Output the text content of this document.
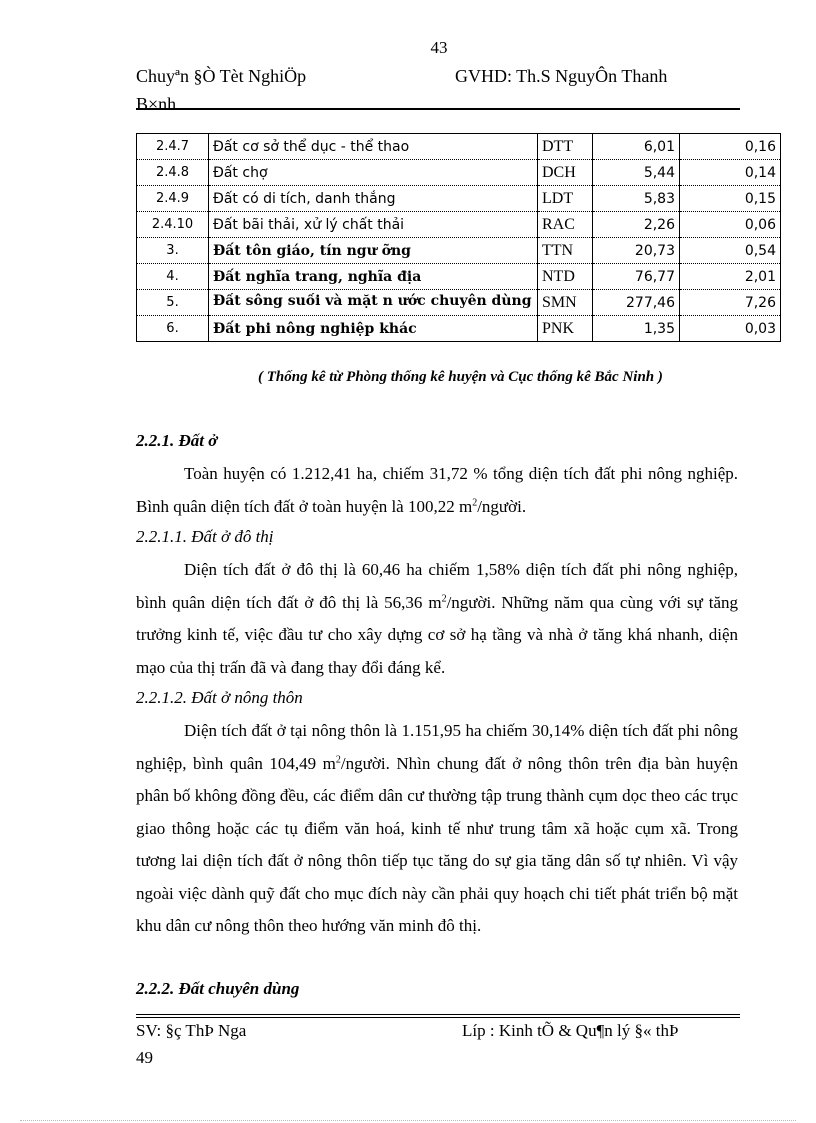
43
Chuyªn §Ò Tèt NghiÖp
B×nh
GVHD: Th.S NguyÔn Thanh
2.4.7	Đất cơ sở thể dục - thể thao	DTT	6,01	0,16
2.4.8	Đất chợ	DCH	5,44	0,14
2.4.9	Đất có di tích, danh thắng	LDT	5,83	0,15
2.4.10	Đất bãi thải, xử lý chất thải	RAC	2,26	0,06
3.	Đất tôn giáo, tín ngư ỡng	TTN	20,73	0,54
4.	Đất nghĩa trang, nghĩa địa	NTD	76,77	2,01
5.	Đất sông suối và mặt n ước chuyên dùng	SMN	277,46	7,26
6.	Đất phi nông nghiệp khác	PNK	1,35	0,03
( Thống kê từ Phòng thống kê huyện và Cục thống kê Bắc Ninh )
2.2.1. Đất ở

Toàn huyện có 1.212,41 ha, chiếm 31,72 % tổng diện tích đất phi nông nghiệp. Bình quân diện tích đất ở toàn huyện là 100,22 $m^2$/người.

2.2.1.1. Đất ở đô thị

Diện tích đất ở đô thị là 60,46 ha chiếm 1,58% diện tích đất phi nông nghiệp, bình quân diện tích đất ở đô thị là 56,36 $m^2$/người. Những năm qua cùng với sự tăng trưởng kinh tế, việc đầu tư cho xây dựng cơ sở hạ tầng và nhà ở tăng khá nhanh, diện mạo của thị trấn đã và đang thay đổi đáng kể.

2.2.1.2. Đất ở nông thôn

Diện tích đất ở tại nông thôn là 1.151,95 ha chiếm 30,14% diện tích đất phi nông nghiệp, bình quân 104,49 $m^2$/người. Nhìn chung đất ở nông thôn trên địa bàn huyện phân bố không đồng đều, các điểm dân cư thường tập trung thành cụm dọc theo các trục giao thông hoặc các tụ điểm văn hoá, kinh tế như trung tâm xã hoặc cụm xã. Trong tương lai diện tích đất ở nông thôn tiếp tục tăng do sự gia tăng dân số tự nhiên. Vì vậy ngoài việc dành quỹ đất cho mục đích này cần phải quy hoạch chi tiết phát triển bộ mặt khu dân cư nông thôn theo hướng văn minh đô thị.

2.2.2. Đất chuyên dùng
SV: §ç ThÞ Nga
49
Líp : Kinh tÕ & Qu¶n lý §« thÞ
